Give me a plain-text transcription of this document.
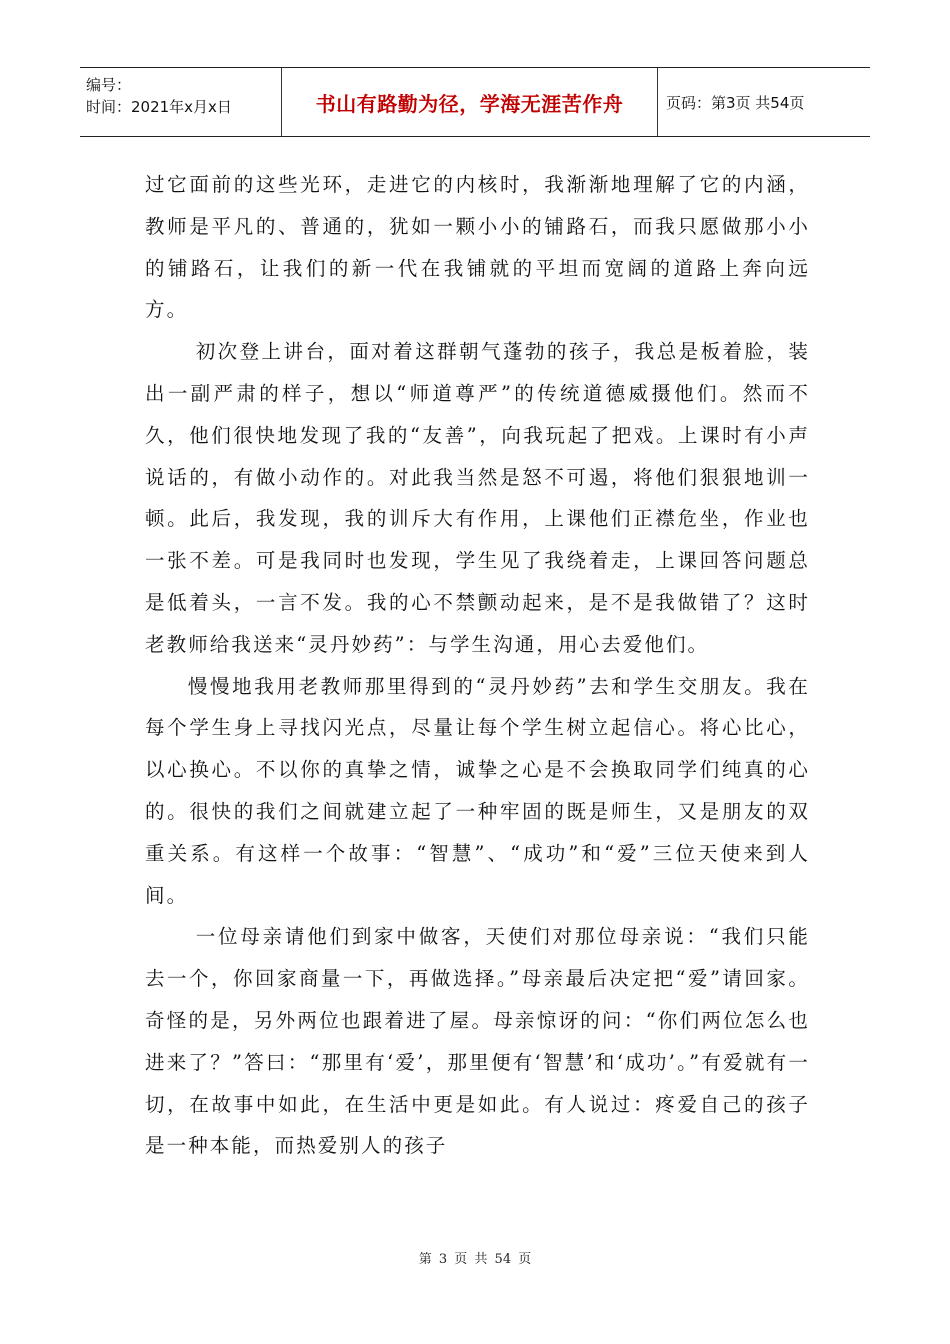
编号：
时间：2021年x月x日	书山有路勤为径，学海无涯苦作舟	页码：第3页 共54页

过它面前的这些光环，走进它的内核时，我渐渐地理解了它的内涵，教师是平凡的、普通的，犹如一颗小小的铺路石，而我只愿做那小小的铺路石，让我们的新一代在我铺就的平坦而宽阔的道路上奔向远方。

初次登上讲台，面对着这群朝气蓬勃的孩子，我总是板着脸，装出一副严肃的样子，想以“师道尊严”的传统道德威摄他们。然而不久，他们很快地发现了我的“友善”，向我玩起了把戏。上课时有小声说话的，有做小动作的。对此我当然是怒不可遏，将他们狠狠地训一顿。此后，我发现，我的训斥大有作用，上课他们正襟危坐，作业也一张不差。可是我同时也发现，学生见了我绕着走，上课回答问题总是低着头，一言不发。我的心不禁颤动起来，是不是我做错了？这时老教师给我送来“灵丹妙药”：与学生沟通，用心去爱他们。

慢慢地我用老教师那里得到的“灵丹妙药”去和学生交朋友。我在每个学生身上寻找闪光点，尽量让每个学生树立起信心。将心比心，以心换心。不以你的真挚之情，诚挚之心是不会换取同学们纯真的心的。很快的我们之间就建立起了一种牢固的既是师生，又是朋友的双重关系。有这样一个故事：“智慧”、“成功”和“爱”三位天使来到人间。

一位母亲请他们到家中做客，天使们对那位母亲说：“我们只能去一个，你回家商量一下，再做选择。”母亲最后决定把“爱”请回家。奇怪的是，另外两位也跟着进了屋。母亲惊讶的问：“你们两位怎么也进来了？”答曰：“那里有‘爱’，那里便有‘智慧’和‘成功’。”有爱就有一切，在故事中如此，在生活中更是如此。有人说过：疼爱自己的孩子是一种本能，而热爱别人的孩子

第 3 页 共 54 页
